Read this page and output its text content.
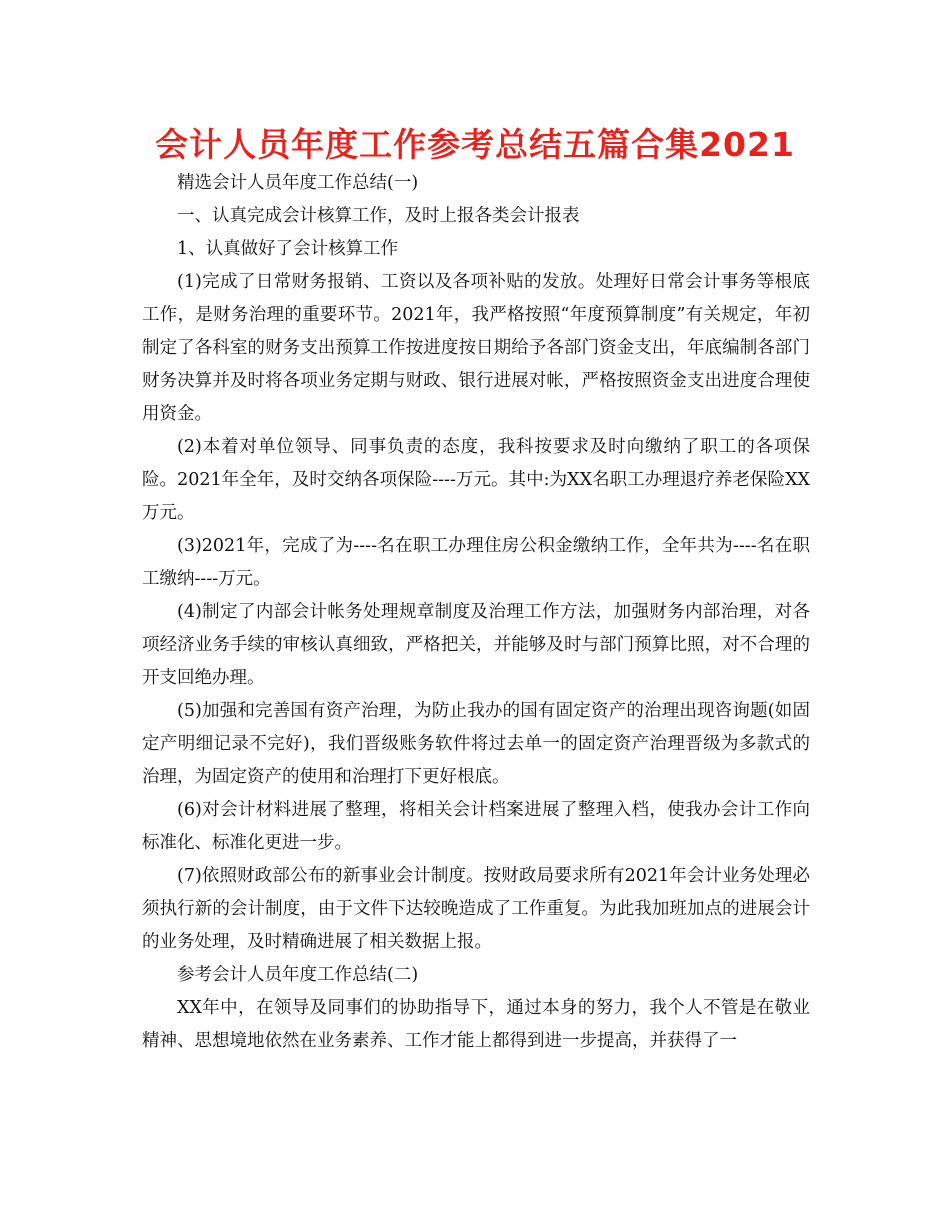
会计人员年度工作参考总结五篇合集2021

精选会计人员年度工作总结(一)

一、认真完成会计核算工作，及时上报各类会计报表

1、认真做好了会计核算工作

(1)完成了日常财务报销、工资以及各项补贴的发放。处理好日常会计事务等根底工作，是财务治理的重要环节。2021年，我严格按照“年度预算制度”有关规定，年初制定了各科室的财务支出预算工作按进度按日期给予各部门资金支出，年底编制各部门财务决算并及时将各项业务定期与财政、银行进展对帐，严格按照资金支出进度合理使用资金。

(2)本着对单位领导、同事负责的态度，我科按要求及时向缴纳了职工的各项保险。2021年全年，及时交纳各项保险----万元。其中:为XX名职工办理退疗养老保险XX万元。

(3)2021年，完成了为----名在职工办理住房公积金缴纳工作，全年共为----名在职工缴纳----万元。

(4)制定了内部会计帐务处理规章制度及治理工作方法，加强财务内部治理，对各项经济业务手续的审核认真细致，严格把关，并能够及时与部门预算比照，对不合理的开支回绝办理。

(5)加强和完善国有资产治理，为防止我办的国有固定资产的治理出现咨询题(如固定产明细记录不完好)，我们晋级账务软件将过去单一的固定资产治理晋级为多款式的治理，为固定资产的使用和治理打下更好根底。

(6)对会计材料进展了整理，将相关会计档案进展了整理入档，使我办会计工作向标准化、标准化更进一步。

(7)依照财政部公布的新事业会计制度。按财政局要求所有2021年会计业务处理必须执行新的会计制度，由于文件下达较晚造成了工作重复。为此我加班加点的进展会计的业务处理，及时精确进展了相关数据上报。

参考会计人员年度工作总结(二)

XX年中，在领导及同事们的协助指导下，通过本身的努力，我个人不管是在敬业精神、思想境地依然在业务素养、工作才能上都得到进一步提高，并获得了一
